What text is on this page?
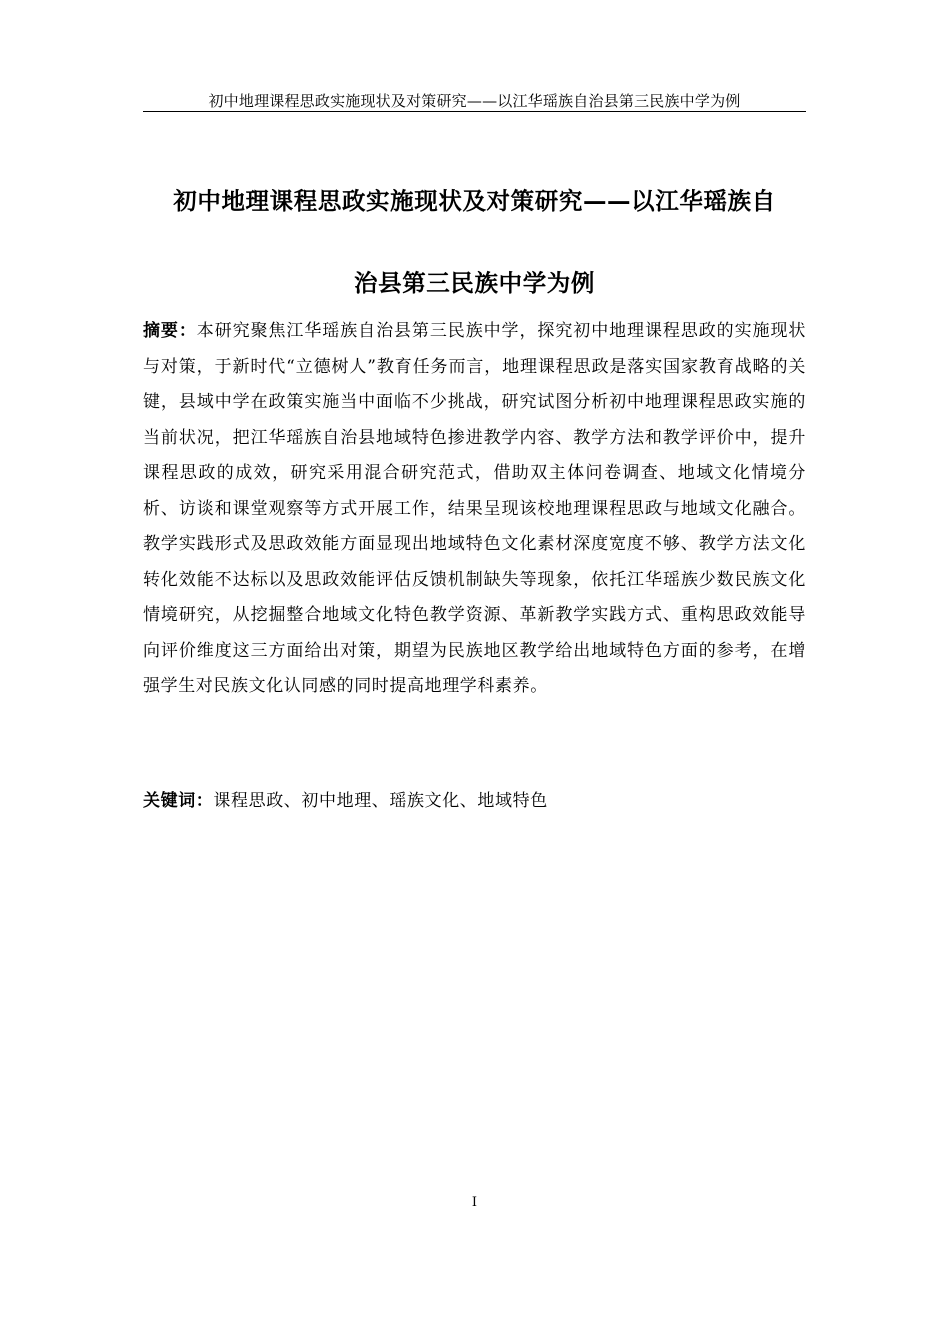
初中地理课程思政实施现状及对策研究——以江华瑶族自治县第三民族中学为例
初中地理课程思政实施现状及对策研究——以江华瑶族自
治县第三民族中学为例
摘要：本研究聚焦江华瑶族自治县第三民族中学，探究初中地理课程思政的实施现状与对策，于新时代“立德树人”教育任务而言，地理课程思政是落实国家教育战略的关键，县域中学在政策实施当中面临不少挑战，研究试图分析初中地理课程思政实施的当前状况，把江华瑶族自治县地域特色掺进教学内容、教学方法和教学评价中，提升课程思政的成效，研究采用混合研究范式，借助双主体问卷调查、地域文化情境分析、访谈和课堂观察等方式开展工作，结果呈现该校地理课程思政与地域文化融合。教学实践形式及思政效能方面显现出地域特色文化素材深度宽度不够、教学方法文化转化效能不达标以及思政效能评估反馈机制缺失等现象，依托江华瑶族少数民族文化情境研究，从挖掘整合地域文化特色教学资源、革新教学实践方式、重构思政效能导向评价维度这三方面给出对策，期望为民族地区教学给出地域特色方面的参考，在增强学生对民族文化认同感的同时提高地理学科素养。
关键词：课程思政、初中地理、瑶族文化、地域特色
I
